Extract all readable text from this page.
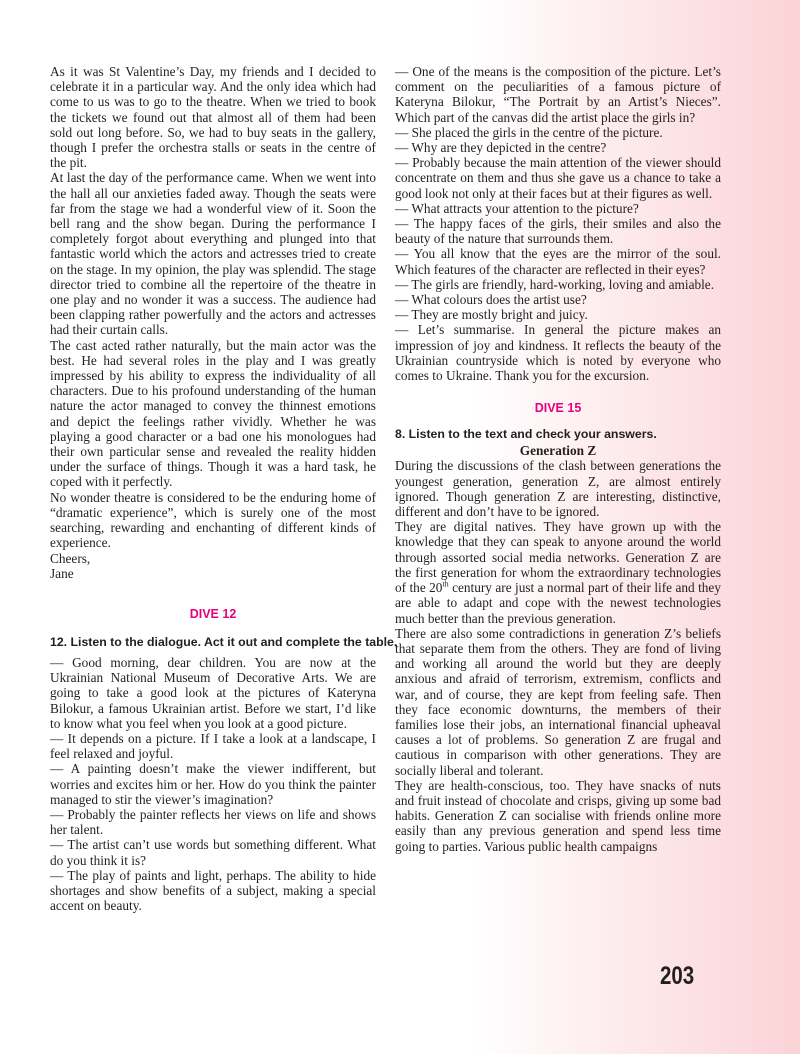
As it was St Valentine’s Day, my friends and I decided to celebrate it in a particular way. And the only idea which had come to us was to go to the theatre. When we tried to book the tickets we found out that almost all of them had been sold out long before. So, we had to buy seats in the gallery, though I prefer the orchestra stalls or seats in the centre of the pit.

At last the day of the performance came. When we went into the hall all our anxieties faded away. Though the seats were far from the stage we had a wonderful view of it. Soon the bell rang and the show began. During the performance I completely forgot about everything and plunged into that fantastic world which the actors and actresses tried to create on the stage. In my opinion, the play was splendid. The stage director tried to combine all the repertoire of the theatre in one play and no wonder it was a success. The audience had been clapping rather powerfully and the actors and actresses had their curtain calls.

The cast acted rather naturally, but the main actor was the best. He had several roles in the play and I was greatly impressed by his ability to express the individuality of all characters. Due to his profound understanding of the human nature the actor managed to convey the thinnest emotions and depict the feelings rather vividly. Whether he was playing a good character or a bad one his monologues had their own particular sense and revealed the reality hidden under the surface of things. Though it was a hard task, he coped with it perfectly.

No wonder theatre is considered to be the enduring home of “dramatic experience”, which is surely one of the most searching, rewarding and enchanting of different kinds of experience.

Cheers,

Jane

DIVE 12
12. Listen to the dialogue. Act it out and complete the table.

— Good morning, dear children. You are now at the Ukrainian National Museum of Decorative Arts. We are going to take a good look at the pictures of Kateryna Bilokur, a famous Ukrainian artist. Before we start, I’d like to know what you feel when you look at a good picture.

— It depends on a picture. If I take a look at a landscape, I feel relaxed and joyful.

— A painting doesn’t make the viewer indifferent, but worries and excites him or her. How do you think the painter managed to stir the viewer’s imagination?

— Probably the painter reflects her views on life and shows her talent.

— The artist can’t use words but something different. What do you think it is?

— The play of paints and light, perhaps. The ability to hide shortages and show benefits of a subject, making a special accent on beauty.

— One of the means is the composition of the picture. Let’s comment on the peculiarities of a famous picture of Kateryna Bilokur, “The Portrait by an Artist’s Nieces”. Which part of the canvas did the artist place the girls in?

— She placed the girls in the centre of the picture.

— Why are they depicted in the centre?

— Probably because the main attention of the viewer should concentrate on them and thus she gave us a chance to take a good look not only at their faces but at their figures as well.

— What attracts your attention to the picture?

— The happy faces of the girls, their smiles and also the beauty of the nature that surrounds them.

— You all know that the eyes are the mirror of the soul. Which features of the character are reflected in their eyes?

— The girls are friendly, hard-working, loving and amiable.

— What colours does the artist use?

— They are mostly bright and juicy.

— Let’s summarise. In general the picture makes an impression of joy and kindness. It reflects the beauty of the Ukrainian countryside which is noted by everyone who comes to Ukraine. Thank you for the excursion.

DIVE 15
8. Listen to the text and check your answers.

Generation Z

During the discussions of the clash between generations the youngest generation, generation Z, are almost entirely ignored. Though generation Z are interesting, distinctive, different and don’t have to be ignored.

They are digital natives. They have grown up with the knowledge that they can speak to anyone around the world through assorted social media networks. Generation Z are the first generation for whom the extraordinary technologies of the 20th century are just a normal part of their life and they are able to adapt and cope with the newest technologies much better than the previous generation.

There are also some contradictions in generation Z’s beliefs that separate them from the others. They are fond of living and working all around the world but they are deeply anxious and afraid of terrorism, extremism, conflicts and war, and of course, they are kept from feeling safe. Then they face economic downturns, the members of their families lose their jobs, an international financial upheaval causes a lot of problems. So generation Z are frugal and cautious in comparison with other generations. They are socially liberal and tolerant.

They are health-conscious, too. They have snacks of nuts and fruit instead of chocolate and crisps, giving up some bad habits. Generation Z can socialise with friends online more easily than any previous generation and spend less time going to parties. Various public health campaigns

203
